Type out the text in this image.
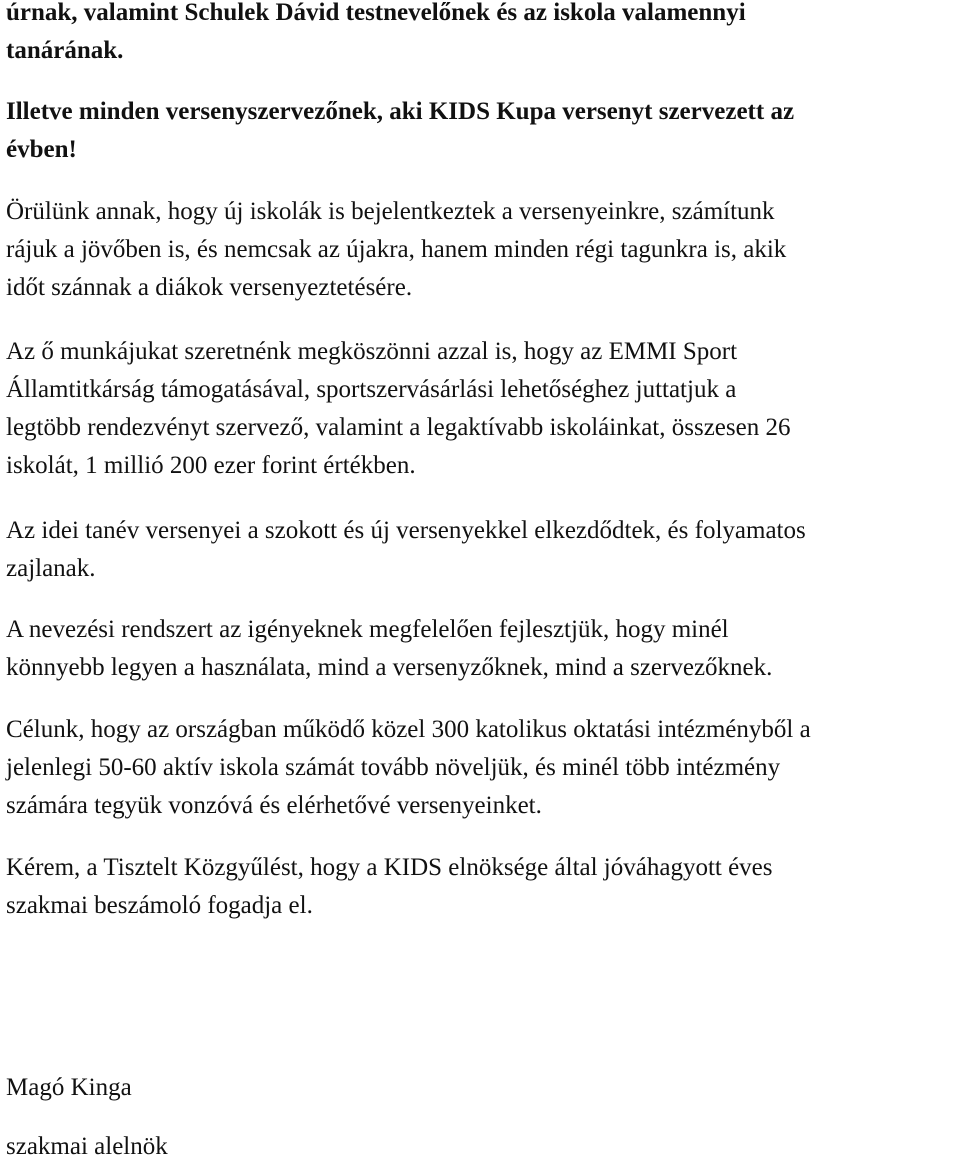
úrnak, valamint Schulek Dávid testnevelőnek és az iskola valamennyi
tanárának.

Illetve minden versenyszervezőnek, aki KIDS Kupa versenyt szervezett az
évben!

Örülünk annak, hogy új iskolák is bejelentkeztek a versenyeinkre, számítunk
rájuk a jövőben is, és nemcsak az újakra, hanem minden régi tagunkra is, akik
időt szánnak a diákok versenyeztetésére.

Az ő munkájukat szeretnénk megköszönni azzal is, hogy az EMMI Sport
Államtitkárság támogatásával, sportszervásárlási lehetőséghez juttatjuk a
legtöbb rendezvényt szervező, valamint a legaktívabb iskoláinkat, összesen 26
iskolát, 1 millió 200 ezer forint értékben.

Az idei tanév versenyei a szokott és új versenyekkel elkezdődtek, és folyamatos
zajlanak.

A nevezési rendszert az igényeknek megfelelően fejlesztjük, hogy minél
könnyebb legyen a használata, mind a versenyzőknek, mind a szervezőknek.

Célunk, hogy az országban működő közel 300 katolikus oktatási intézményből a
jelenlegi 50-60 aktív iskola számát tovább növeljük, és minél több intézmény
számára tegyük vonzóvá és elérhetővé versenyeinket.

Kérem, a Tisztelt Közgyűlést, hogy a KIDS elnöksége által jóváhagyott éves
szakmai beszámoló fogadja el.

Magó Kinga

szakmai alelnök
